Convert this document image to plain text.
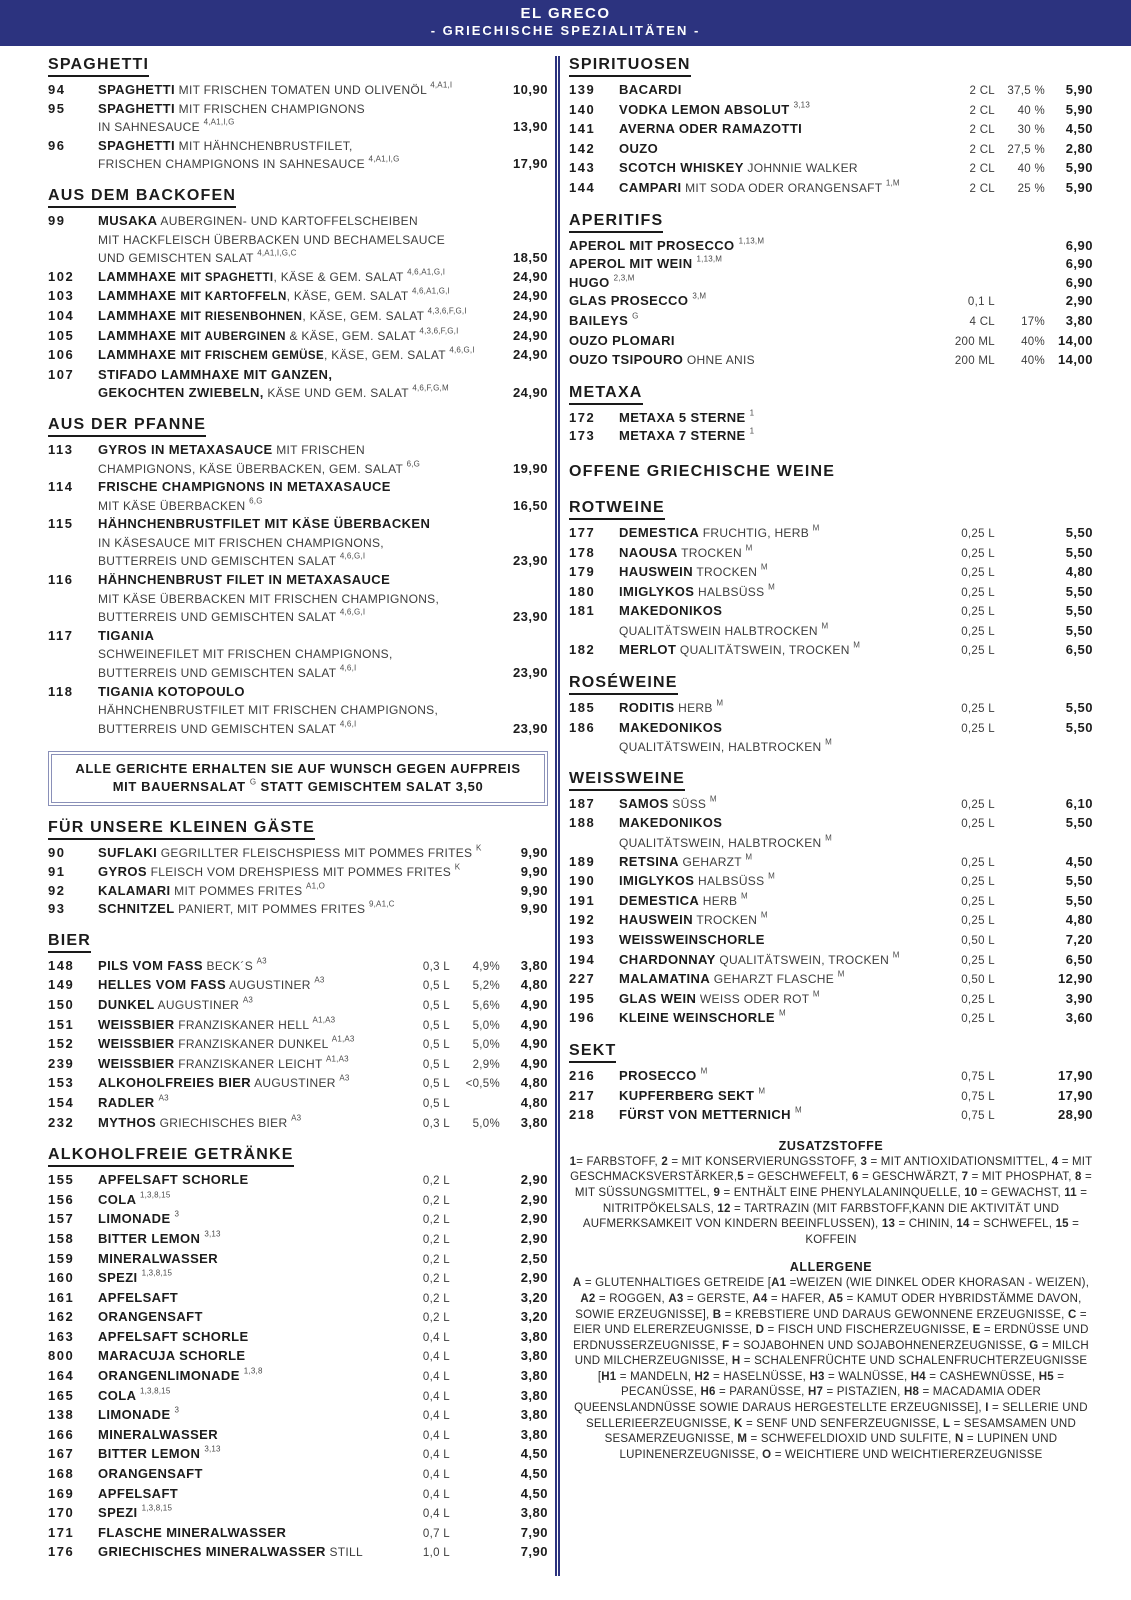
EL GRECO
- GRIECHISCHE SPEZIALITÄTEN -
SPAGHETTI

94	SPAGHETTI MIT FRISCHEN TOMATEN UND OLIVENÖL $^{4,A1,I}$	10,90
95	SPAGHETTI MIT FRISCHEN CHAMPIGNONS
IN SAHNESAUCE $^{4,A1,I,G}$	13,90
96	SPAGHETTI MIT HÄHNCHENBRUSTFILET,
FRISCHEN CHAMPIGNONS IN SAHNESAUCE $^{4,A1,I,G}$	17,90
AUS DEM BACKOFEN

99	MUSAKA AUBERGINEN- UND KARTOFFELSCHEIBEN
MIT HACKFLEISCH ÜBERBACKEN UND BECHAMELSAUCE
UND GEMISCHTEN SALAT $^{4,A1,I,G,C}$	18,50
102	LAMMHAXE MIT SPAGHETTI, KÄSE & GEM. SALAT $^{4,6,A1,G,I}$	24,90
103	LAMMHAXE MIT KARTOFFELN, KÄSE, GEM. SALAT $^{4,6,A1,G,I}$	24,90
104	LAMMHAXE MIT RIESENBOHNEN, KÄSE, GEM. SALAT $^{4,3,6,F,G,I}$	24,90
105	LAMMHAXE MIT AUBERGINEN & KÄSE, GEM. SALAT $^{4,3,6,F,G,I}$	24,90
106	LAMMHAXE MIT FRISCHEM GEMÜSE, KÄSE, GEM. SALAT $^{4,6,G,I}$	24,90
107	STIFADO LAMMHAXE MIT GANZEN,
GEKOCHTEN ZWIEBELN, KÄSE UND GEM. SALAT $^{4,6,F,G,M}$	24,90
AUS DER PFANNE

113	GYROS IN METAXASAUCE MIT FRISCHEN
CHAMPIGNONS, KÄSE ÜBERBACKEN, GEM. SALAT $^{6,G}$	19,90
114	FRISCHE CHAMPIGNONS IN METAXASAUCE
MIT KÄSE ÜBERBACKEN $^{6,G}$	16,50
115	HÄHNCHENBRUSTFILET MIT KÄSE ÜBERBACKEN
IN KÄSESAUCE MIT FRISCHEN CHAMPIGNONS,
BUTTERREIS UND GEMISCHTEN SALAT $^{4,6,G,I}$	23,90
116	HÄHNCHENBRUST FILET IN METAXASAUCE
MIT KÄSE ÜBERBACKEN MIT FRISCHEN CHAMPIGNONS,
BUTTERREIS UND GEMISCHTEN SALAT $^{4,6,G,I}$	23,90
117	TIGANIA
SCHWEINEFILET MIT FRISCHEN CHAMPIGNONS,
BUTTERREIS UND GEMISCHTEN SALAT $^{4,6,I}$	23,90
118	TIGANIA KOTOPOULO
HÄHNCHENBRUSTFILET MIT FRISCHEN CHAMPIGNONS,
BUTTERREIS UND GEMISCHTEN SALAT $^{4,6,I}$	23,90
ALLE GERICHTE ERHALTEN SIE AUF WUNSCH GEGEN AUFPREIS
MIT BAUERNSALAT $^G$ STATT GEMISCHTEM SALAT 3,50
FÜR UNSERE KLEINEN GÄSTE

90	SUFLAKI GEGRILLTER FLEISCHSPIESS MIT POMMES FRITES $^K$	9,90
91	GYROS FLEISCH VOM DREHSPIESS MIT POMMES FRITES $^K$	9,90
92	KALAMARI MIT POMMES FRITES $^{A1,O}$	9,90
93	SCHNITZEL PANIERT, MIT POMMES FRITES $^{9,A1,C}$	9,90
BIER

148	PILS VOM FASS BECK´S $^{A3}$	0,3 L	4,9%	3,80
149	HELLES VOM FASS AUGUSTINER $^{A3}$	0,5 L	5,2%	4,80
150	DUNKEL AUGUSTINER $^{A3}$	0,5 L	5,6%	4,90
151	WEISSBIER FRANZISKANER HELL $^{A1,A3}$	0,5 L	5,0%	4,90
152	WEISSBIER FRANZISKANER DUNKEL $^{A1,A3}$	0,5 L	5,0%	4,90
239	WEISSBIER FRANZISKANER LEICHT $^{A1,A3}$	0,5 L	2,9%	4,90
153	ALKOHOLFREIES BIER AUGUSTINER $^{A3}$	0,5 L	<0,5%	4,80
154	RADLER $^{A3}$	0,5 L	4,80
232	MYTHOS GRIECHISCHES BIER $^{A3}$	0,3 L	5,0%	3,80
ALKOHOLFREIE GETRÄNKE

155	APFELSAFT SCHORLE	0,2 L	2,90
156	COLA $^{1,3,8,15}$	0,2 L	2,90
157	LIMONADE $^3$	0,2 L	2,90
158	BITTER LEMON $^{3,13}$	0,2 L	2,90
159	MINERALWASSER	0,2 L	2,50
160	SPEZI $^{1,3,8,15}$	0,2 L	2,90
161	APFELSAFT	0,2 L	3,20
162	ORANGENSAFT	0,2 L	3,20
163	APFELSAFT SCHORLE	0,4 L	3,80
800	MARACUJA SCHORLE	0,4 L	3,80
164	ORANGENLIMONADE $^{1,3,8}$	0,4 L	3,80
165	COLA $^{1,3,8,15}$	0,4 L	3,80
138	LIMONADE $^3$	0,4 L	3,80
166	MINERALWASSER	0,4 L	3,80
167	BITTER LEMON $^{3,13}$	0,4 L	4,50
168	ORANGENSAFT	0,4 L	4,50
169	APFELSAFT	0,4 L	4,50
170	SPEZI $^{1,3,8,15}$	0,4 L	3,80
171	FLASCHE MINERALWASSER	0,7 L	7,90
176	GRIECHISCHES MINERALWASSER STILL	1,0 L	7,90
SPIRITUOSEN

139	BACARDI	2 CL	37,5 %	5,90
140	VODKA LEMON ABSOLUT $^{3,13}$	2 CL	40 %	5,90
141	AVERNA ODER RAMAZOTTI	2 CL	30 %	4,50
142	OUZO	2 CL	27,5 %	2,80
143	SCOTCH WHISKEY JOHNNIE WALKER	2 CL	40 %	5,90
144	CAMPARI MIT SODA ODER ORANGENSAFT $^{1,M}$	2 CL	25 %	5,90
APERITIFS

APEROL MIT PROSECCO $^{1,13,M}$	6,90
APEROL MIT WEIN $^{1,13,M}$	6,90
HUGO $^{2,3,M}$	6,90
GLAS PROSECCO $^{3,M}$	0,1 L	2,90
BAILEYS $^G$	4 CL	17%	3,80
OUZO PLOMARI	200 ML	40% 14,00
OUZO TSIPOURO OHNE ANIS	200 ML	40% 14,00
METAXA

172	METAXA 5 STERNE $^1$
173	METAXA 7 STERNE $^1$
OFFENE GRIECHISCHE WEINE

ROTWEINE

177	DEMESTICA FRUCHTIG, HERB $^M$	0,25 L	5,50
178	NAOUSA TROCKEN $^M$	0,25 L	5,50
179	HAUSWEIN TROCKEN $^M$	0,25 L	4,80
180	IMIGLYKOS HALBSÜSS $^M$	0,25 L	5,50
181	MAKEDONIKOS	0,25 L	5,50
QUALITÄTSWEIN HALBTROCKEN $^M$	0,25 L	5,50
182	MERLOT QUALITÄTSWEIN, TROCKEN $^M$	0,25 L	6,50
ROSÉWEINE

185	RODITIS HERB $^M$	0,25 L	5,50
186	MAKEDONIKOS	0,25 L	5,50
QUALITÄTSWEIN, HALBTROCKEN $^M$
WEISSWEINE

187	SAMOS SÜSS $^M$	0,25 L	6,10
188	MAKEDONIKOS	0,25 L	5,50
QUALITÄTSWEIN, HALBTROCKEN $^M$
189	RETSINA GEHARZT $^M$	0,25 L	4,50
190	IMIGLYKOS HALBSÜSS $^M$	0,25 L	5,50
191	DEMESTICA HERB $^M$	0,25 L	5,50
192	HAUSWEIN TROCKEN $^M$	0,25 L	4,80
193	WEISSWEINSCHORLE	0,50 L	7,20
194	CHARDONNAY QUALITÄTSWEIN, TROCKEN $^M$	0,25 L	6,50
227	MALAMATINA GEHARZT FLASCHE $^M$	0,50 L	12,90
195	GLAS WEIN WEISS ODER ROT $^M$	0,25 L	3,90
196	KLEINE WEINSCHORLE $^M$	0,25 L	3,60
SEKT

216	PROSECCO $^M$	0,75 L	17,90
217	KUPFERBERG SEKT $^M$	0,75 L	17,90
218	FÜRST VON METTERNICH $^M$	0,75 L	28,90
ZUSATZSTOFFE
1= FARBSTOFF, 2 = MIT KONSERVIERUNGSSTOFF, 3 = MIT ANTIOXIDATIONSMITTEL, 4 = MIT GESCHMACKSVERSTÄRKER,5 = GESCHWEFELT, 6 = GESCHWÄRZT, 7 = MIT PHOSPHAT, 8 = MIT SÜSSUNGSMITTEL, 9 = ENTHÄLT EINE PHENYLALANINQUELLE, 10 = GEWACHST, 11 = NITRITPÖKELSALS, 12 = TARTRAZIN (MIT FARBSTOFF,KANN DIE AKTIVITÄT UND AUFMERKSAMKEIT VON KINDERN BEEINFLUSSEN), 13 = CHININ, 14 = SCHWEFEL, 15 = KOFFEIN
ALLERGENE
A = GLUTENHALTIGES GETREIDE [A1 =WEIZEN (WIE DINKEL ODER KHORASAN - WEIZEN), A2 = ROGGEN, A3 = GERSTE, A4 = HAFER, A5 = KAMUT ODER HYBRIDSTÄMME DAVON, SOWIE ERZEUGNISSE], B = KREBSTIERE UND DARAUS GEWONNENE ERZEUGNISSE, C = EIER UND ELERERZEUGNISSE, D = FISCH UND FISCHERZEUGNISSE, E = ERDNÜSSE UND ERDNUSSERZEUGNISSE, F = SOJABOHNEN UND SOJABOHNENERZEUGNISSE, G = MILCH UND MILCHERZEUGNISSE, H = SCHALENFRÜCHTE UND SCHALENFRUCHTERZEUGNISSE [H1 = MANDELN, H2 = HASELNÜSSE, H3 = WALNÜSSE, H4 = CASHEWNÜSSE, H5 = PECANÜSSE, H6 = PARANÜSSE, H7 = PISTAZIEN, H8 = MACADAMIA ODER QUEENSLANDNÜSSE SOWIE DARAUS HERGESTELLTE ERZEUGNISSE], I = SELLERIE UND SELLERIEERZEUGNISSE, K = SENF UND SENFERZEUGNISSE, L = SESAMSAMEN UND SESAMERZEUGNISSE, M = SCHWEFELDIOXID UND SULFITE, N = LUPINEN UND LUPINENERZEUGNISSE, O = WEICHTIERE UND WEICHTIERERZEUGNISSE
